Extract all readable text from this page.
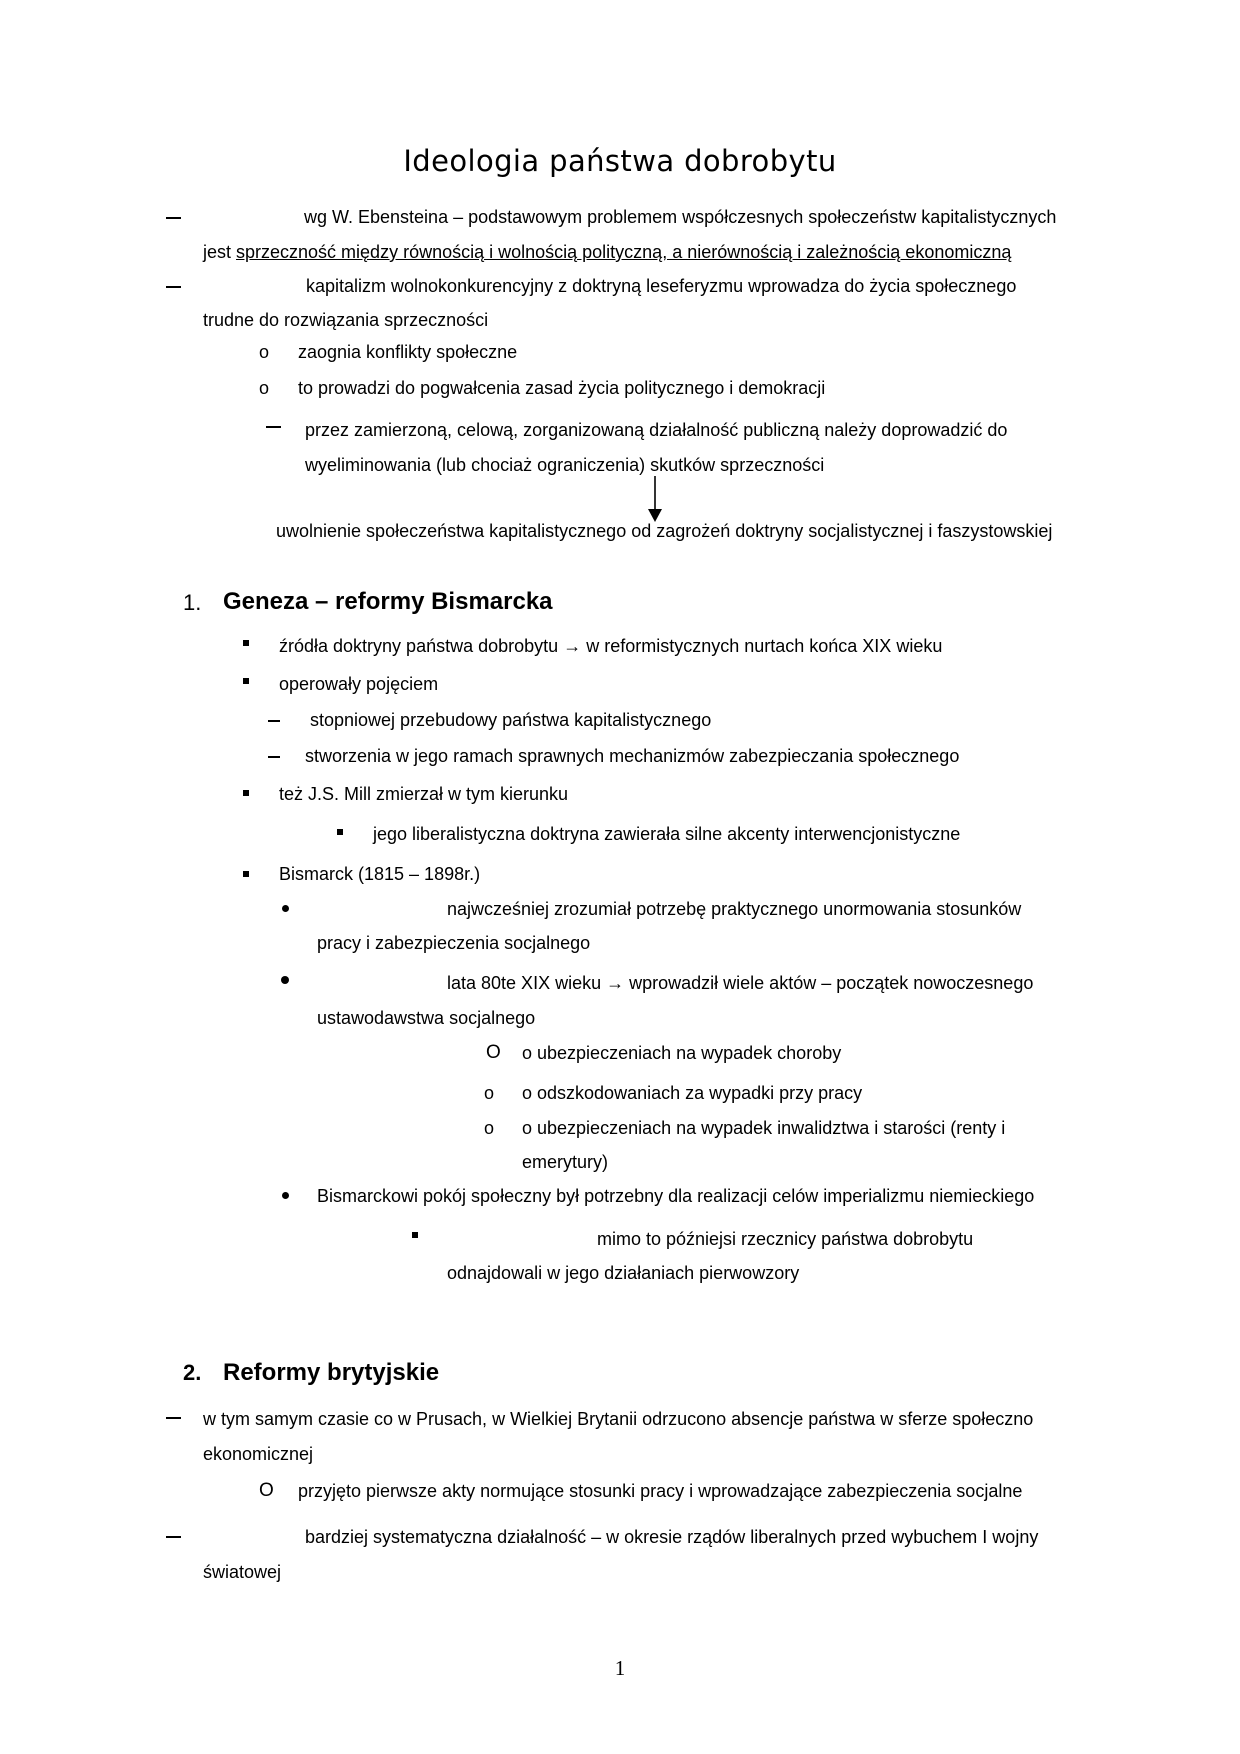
Ideologia państwa dobrobytu
wg W. Ebensteina – podstawowym problemem współczesnych społeczeństw kapitalistycznych
jest sprzeczność między równością i wolnością polityczną, a nierównością i zależnością ekonomiczną
kapitalizm wolnokonkurencyjny z doktryną leseferyzmu wprowadza do życia społecznego
trudne do rozwiązania sprzeczności
o zaognia konflikty społeczne
o to prowadzi do pogwałcenia zasad życia politycznego i demokracji
przez zamierzoną, celową, zorganizowaną działalność publiczną należy doprowadzić do
wyeliminowania (lub chociaż ograniczenia) skutków sprzeczności
uwolnienie społeczeństwa kapitalistycznego od zagrożeń doktryny socjalistycznej i faszystowskiej
1. Geneza – reformy Bismarcka
źródła doktryny państwa dobrobytu → w reformistycznych nurtach końca XIX wieku
operowały pojęciem
stopniowej przebudowy państwa kapitalistycznego
stworzenia w jego ramach sprawnych mechanizmów zabezpieczania społecznego
też J.S. Mill zmierzał w tym kierunku
jego liberalistyczna doktryna zawierała silne akcenty interwencjonistyczne
Bismarck (1815 – 1898r.)
najwcześniej zrozumiał potrzebę praktycznego unormowania stosunków
pracy i zabezpieczenia socjalnego
lata 80te XIX wieku → wprowadził wiele aktów – początek nowoczesnego
ustawodawstwa socjalnego
O o ubezpieczeniach na wypadek choroby
o o odszkodowaniach za wypadki przy pracy
o o ubezpieczeniach na wypadek inwalidztwa i starości (renty i
emerytury)
Bismarckowi pokój społeczny był potrzebny dla realizacji celów imperializmu niemieckiego
mimo to późniejsi rzecznicy państwa dobrobytu
odnajdowali w jego działaniach pierwowzory
2. Reformy brytyjskie
w tym samym czasie co w Prusach, w Wielkiej Brytanii odrzucono absencje państwa w sferze społeczno
ekonomicznej
O przyjęto pierwsze akty normujące stosunki pracy i wprowadzające zabezpieczenia socjalne
bardziej systematyczna działalność – w okresie rządów liberalnych przed wybuchem I wojny
światowej
1
